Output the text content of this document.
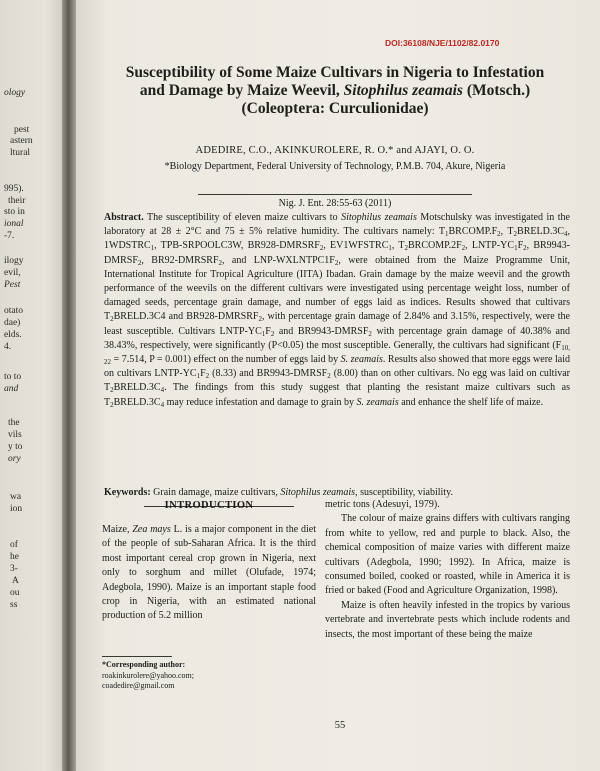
ology
pest
astern
ltural
995).
their
sto in
ional
-7.
ilogy
evil,
Pest
otato
dae)
elds.
4.
to to
and
the
vils
y to
ory
wa
ion
of
he
3-
A
ou
ss
DOI:36108/NJE/1102/82.0170
Susceptibility of Some Maize Cultivars in Nigeria to Infestation
and Damage by Maize Weevil, Sitophilus zeamais (Motsch.)
(Coleoptera: Curculionidae)
ADEDIRE, C.O., AKINKUROLERE, R. O.* and AJAYI, O. O.
*Biology Department, Federal University of Technology, P.M.B. 704, Akure, Nigeria
Nig. J. Ent. 28:55-63 (2011)
Abstract. The susceptibility of eleven maize cultivars to Sitophilus zeamais Motschulsky was investigated in the laboratory at 28 ± 2°C and 75 ± 5% relative humidity. The cultivars namely: $T_1BRCOMP.F_2$, $T_2BRELD.3C_4$, $1WDSTRC_1$, TPB-SRPOOLC3W, $BR928-DMRSRF_2$, $EV1WFSTRC_1$, $T_2BRCOMP.2F_2$, LNTP-$YC_1F_2$, $BR9943-DMRSF_2$, $BR92-DMRSRF_2$, and LNP-$WXLNTPC1F_2$, were obtained from the Maize Programme Unit, International Institute for Tropical Agriculture (IITA) Ibadan. Grain damage by the maize weevil and the growth performance of the weevils on the different cultivars were investigated using percentage weight loss, number of damaged seeds, percentage grain damage, and number of eggs laid as indices. Results showed that cultivars $T_2BRELD.3C4$ and $BR928-DMRSRF_2$, with percentage grain damage of 2.84% and 3.15%, respectively, were the least susceptible. Cultivars LNTP-$YC_1F_2$ and $BR9943-DMRSF_2$ with percentage grain damage of 40.38% and 38.43%, respectively, were significantly (P<0.05) the most susceptible. Generally, the cultivars had significant ($F_{10, 22} = 7.514$, P = 0.001) effect on the number of eggs laid by S. zeamais. Results also showed that more eggs were laid on cultivars LNTP-$YC_1F_2$ (8.33) and $BR9943-DMRSF_2$ (8.00) than on other cultivars. No egg was laid on cultivar $T_2BRELD.3C_4$. The findings from this study suggest that planting the resistant maize cultivars such as $T_2BRELD.3C_4$ may reduce infestation and damage to grain by S. zeamais and enhance the shelf life of maize.
Keywords: Grain damage, maize cultivars, Sitophilus zeamais, susceptibility, viability.
INTRODUCTION

Maize, Zea mays L. is a major component in the diet of the people of sub-Saharan Africa. It is the third most important cereal crop grown in Nigeria, next only to sorghum and millet (Olufade, 1974; Adegbola, 1990). Maize is an important staple food crop in Nigeria, with an estimated national production of 5.2 million

*Corresponding author:
roakinkurolere@yahoo.com;
coadedire@gmail.com

metric tons (Adesuyi, 1979).

The colour of maize grains differs with cultivars ranging from white to yellow, red and purple to black. Also, the chemical composition of maize varies with different maize cultivars (Adegbola, 1990; 1992). In Africa, maize is consumed boiled, cooked or roasted, while in America it is fried or baked (Food and Agriculture Organization, 1998).

Maize is often heavily infested in the tropics by various vertebrate and invertebrate pests which include rodents and insects, the most important of these being the maize

55
